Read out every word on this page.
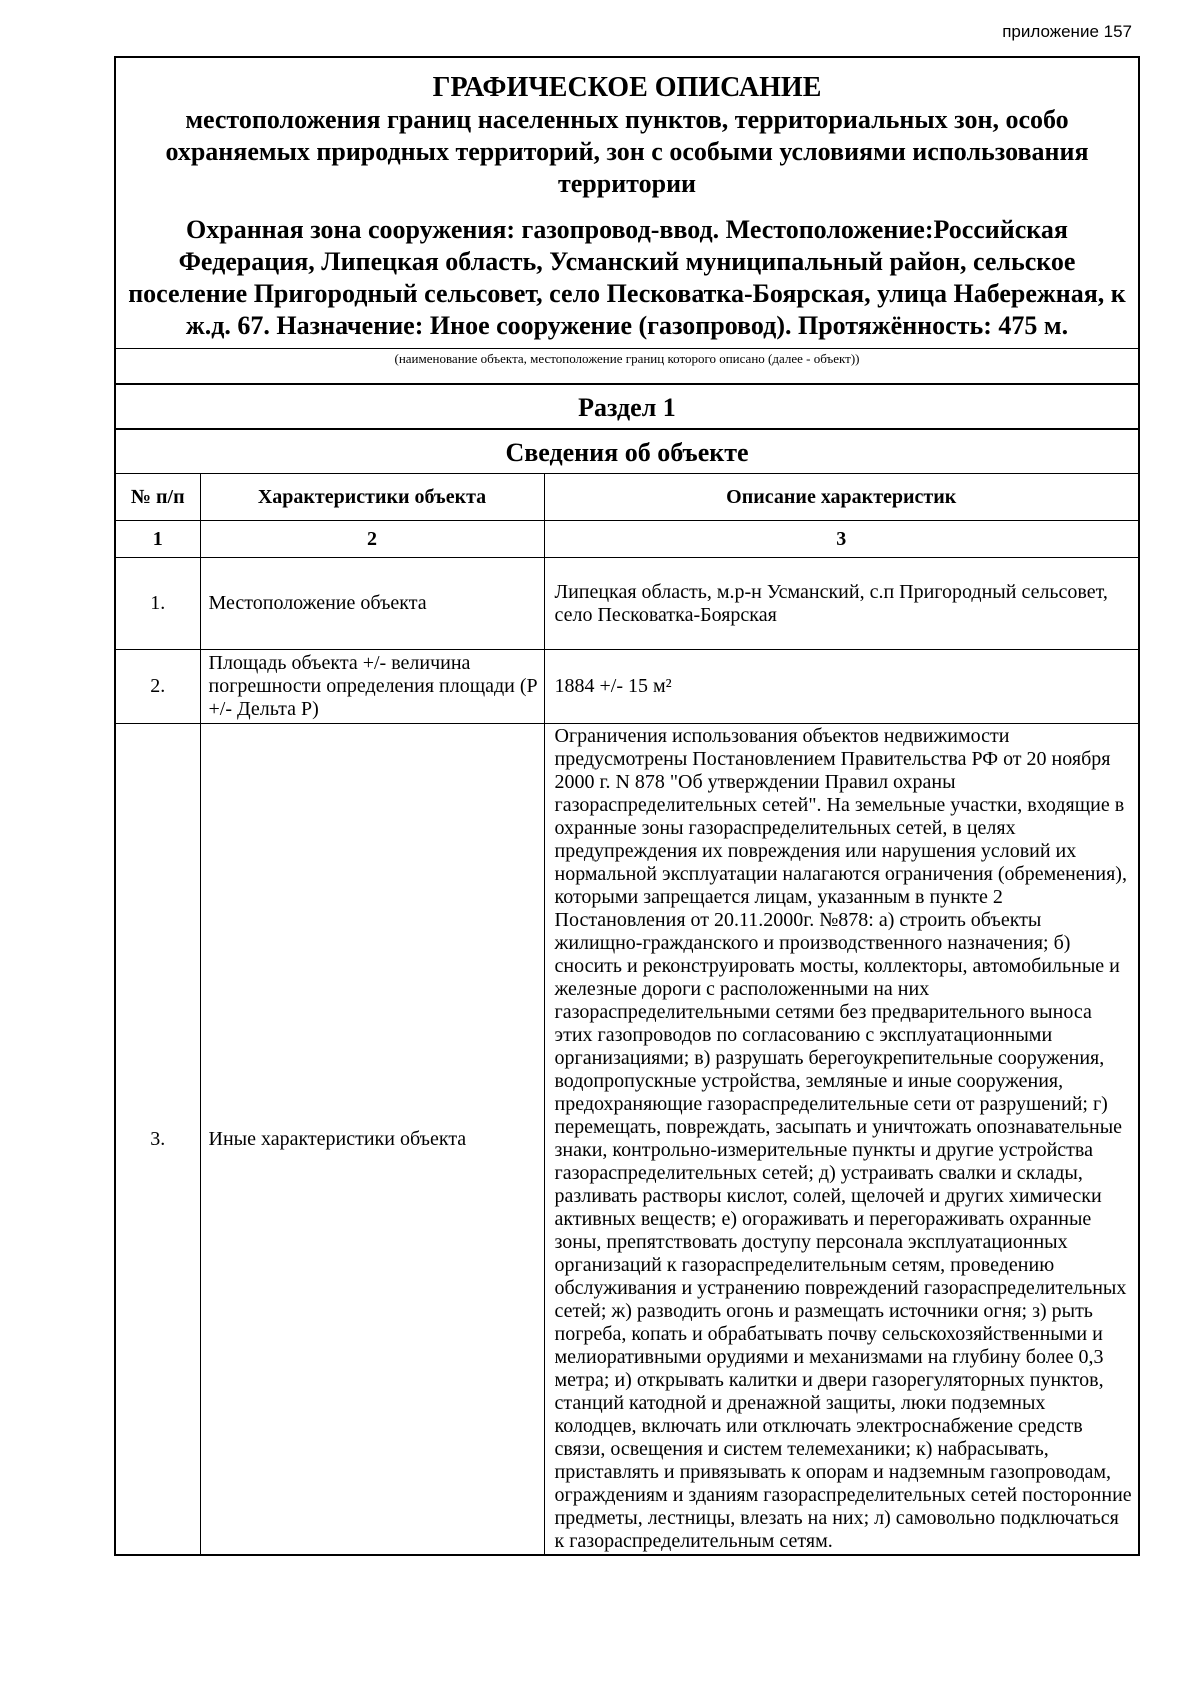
приложение 157
ГРАФИЧЕСКОЕ ОПИСАНИЕ
местоположения границ населенных пунктов, территориальных зон, особо охраняемых природных территорий, зон с особыми условиями использования территории
Охранная зона сооружения: газопровод-ввод. Местоположение:Российская Федерация, Липецкая область, Усманский муниципальный район, сельское поселение Пригородный сельсовет, село Песковатка-Боярская, улица Набережная, к ж.д. 67. Назначение: Иное сооружение (газопровод). Протяжённость: 475 м.
(наименование объекта, местоположение границ которого описано (далее - объект))
Раздел 1
Сведения об объекте
№ п/п	Характеристики объекта	Описание характеристик
1	2	3
1.	Местоположение объекта	Липецкая область, м.р-н Усманский, с.п Пригородный сельсовет, село Песковатка-Боярская
2.	Площадь объекта +/- величина погрешности определения площади (P +/- Дельта P)	1884 +/- 15 м²
3.	Иные характеристики объекта	Ограничения использования объектов недвижимости предусмотрены Постановлением Правительства РФ от 20 ноября 2000 г. N 878 "Об утверждении Правил охраны газораспределительных сетей". На земельные участки, входящие в охранные зоны газораспределительных сетей, в целях предупреждения их повреждения или нарушения условий их нормальной эксплуатации налагаются ограничения (обременения), которыми запрещается лицам, указанным в пункте 2 Постановления от 20.11.2000г. №878: а) строить объекты жилищно-гражданского и производственного назначения; б) сносить и реконструировать мосты, коллекторы, автомобильные и железные дороги с расположенными на них газораспределительными сетями без предварительного выноса этих газопроводов по согласованию с эксплуатационными организациями; в) разрушать берегоукрепительные сооружения, водопропускные устройства, земляные и иные сооружения, предохраняющие газораспределительные сети от разрушений; г) перемещать, повреждать, засыпать и уничтожать опознавательные знаки, контрольно-измерительные пункты и другие устройства газораспределительных сетей; д) устраивать свалки и склады, разливать растворы кислот, солей, щелочей и других химически активных веществ; е) огораживать и перегораживать охранные зоны, препятствовать доступу персонала эксплуатационных организаций к газораспределительным сетям, проведению обслуживания и устранению повреждений газораспределительных сетей; ж) разводить огонь и размещать источники огня; з) рыть погреба, копать и обрабатывать почву сельскохозяйственными и мелиоративными орудиями и механизмами на глубину более 0,3 метра; и) открывать калитки и двери газорегуляторных пунктов, станций катодной и дренажной защиты, люки подземных колодцев, включать или отключать электроснабжение средств связи, освещения и систем телемеханики; к) набрасывать, приставлять и привязывать к опорам и надземным газопроводам, ограждениям и зданиям газораспределительных сетей посторонние предметы, лестницы, влезать на них; л) самовольно подключаться к газораспределительным сетям.
